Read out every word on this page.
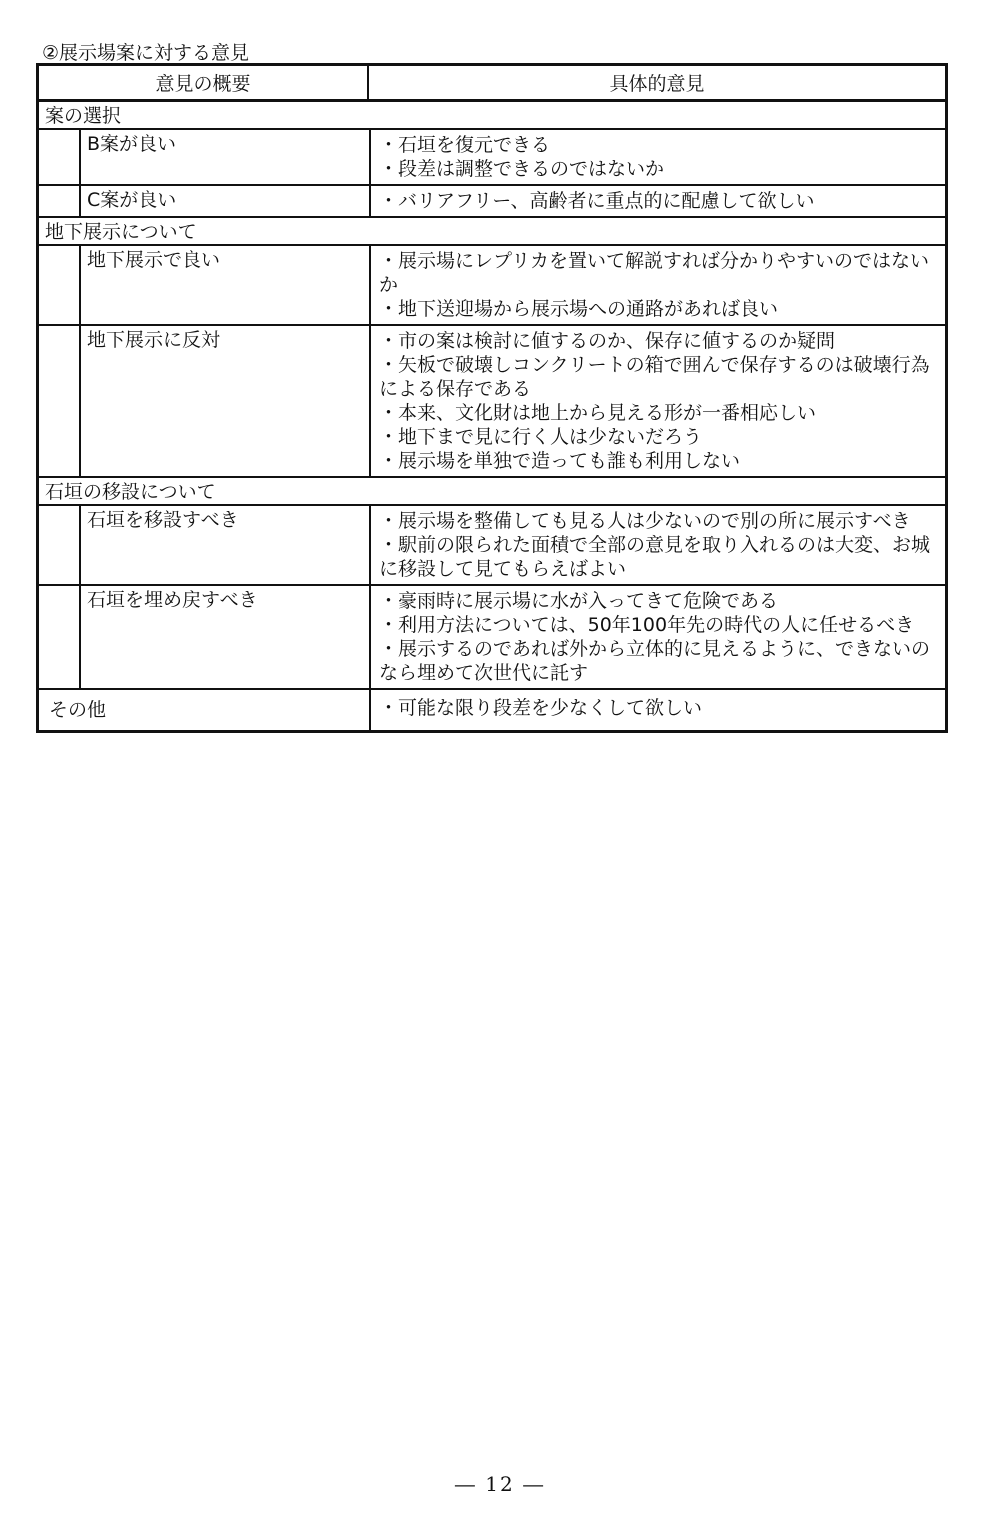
②展示場案に対する意見
意見の概要	具体的意見
案の選択
B案が良い	・石垣を復元できる

・段差は調整できるのではないか

C案が良い	・バリアフリー、高齢者に重点的に配慮して欲しい

地下展示について
地下展示で良い	・展示場にレプリカを置いて解説すれば分かりやすいのではないか

・地下送迎場から展示場への通路があれば良い

地下展示に反対	・市の案は検討に値するのか、保存に値するのか疑問

・矢板で破壊しコンクリートの箱で囲んで保存するのは破壊行為による保存である

・本来、文化財は地上から見える形が一番相応しい

・地下まで見に行く人は少ないだろう

・展示場を単独で造っても誰も利用しない

石垣の移設について
石垣を移設すべき	・展示場を整備しても見る人は少ないので別の所に展示すべき

・駅前の限られた面積で全部の意見を取り入れるのは大変、お城に移設して見てもらえばよい

石垣を埋め戻すべき	・豪雨時に展示場に水が入ってきて危険である

・利用方法については、50年100年先の時代の人に任せるべき

・展示するのであれば外から立体的に見えるように、できないのなら埋めて次世代に託す

その他	・可能な限り段差を少なくして欲しい

― 12 ―
